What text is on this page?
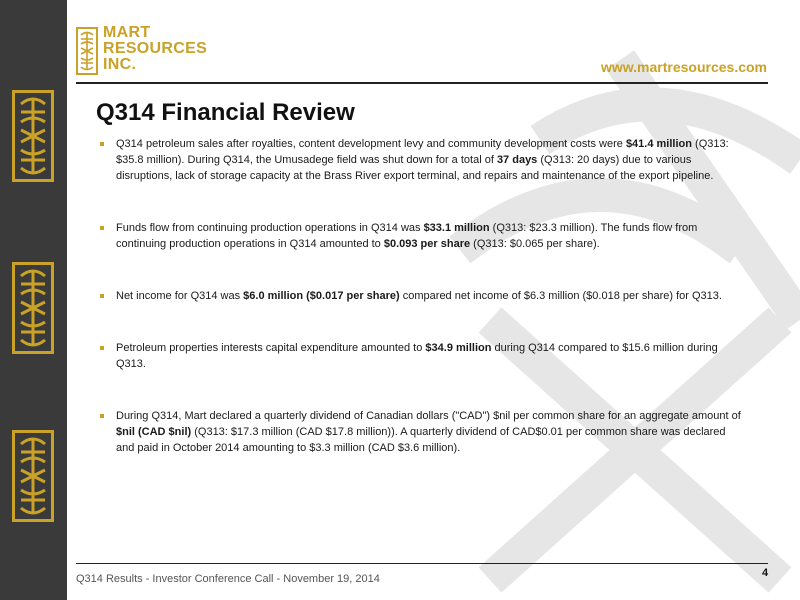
MART
RESOURCES
INC.	www.martresources.com
Q314 Financial Review
Q314 petroleum sales after royalties, content development levy and community development costs were $41.4 million (Q313: $35.8 million). During Q314, the Umusadege field was shut down for a total of 37 days (Q313: 20 days) due to various disruptions, lack of storage capacity at the Brass River export terminal, and repairs and maintenance of the export pipeline.
Funds flow from continuing production operations in Q314 was $33.1 million (Q313: $23.3 million). The funds flow from continuing production operations in Q314 amounted to $0.093 per share (Q313: $0.065 per share).
Net income for Q314 was $6.0 million ($0.017 per share) compared net income of $6.3 million ($0.018 per share) for Q313.
Petroleum properties interests capital expenditure amounted to $34.9 million during Q314 compared to $15.6 million during Q313.
During Q314, Mart declared a quarterly dividend of Canadian dollars ("CAD") $nil per common share for an aggregate amount of $nil (CAD $nil) (Q313: $17.3 million (CAD $17.8 million)). A quarterly dividend of CAD$0.01 per common share was declared and paid in October 2014 amounting to $3.3 million (CAD $3.6 million).
Q314 Results - Investor Conference Call - November 19, 2014	4
